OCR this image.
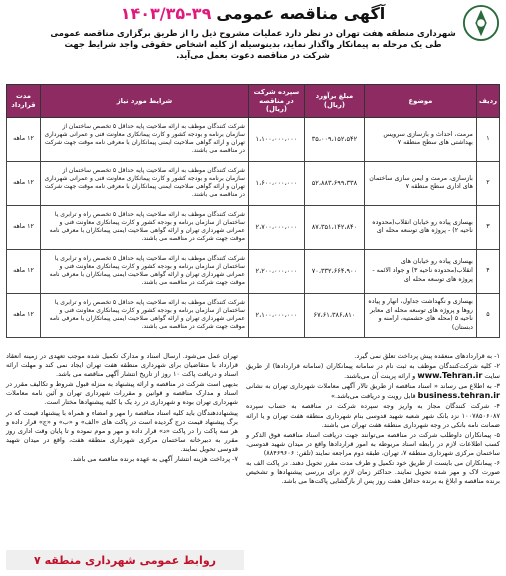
آگهی مناقصه عمومی ۱۴۰۳/۳۵-۳۹
شهرداری منطقه هفت تهران در نظر دارد عملیات مشروح ذیل را از طریق برگزاری مناقصه عمومی
طی یک مرحله به پیمانکار واگذار نماید، بدینوسیله از کلیه اشخاص حقوقی واجد شرایط جهت شرکت در مناقصه دعوت بعمل می‌آید.
ردیف	موضوع	مبلغ برآورد (ریال)	سپرده شرکت در مناقصه (ریال)	شرایط مورد نیاز	مدت قرارداد
۱	مرمت، احداث و بازسازی سرویس بهداشتی های سطح منطقه ۷	۳۵،۰۰۹،۱۵۲،۵۴۲	۱،۱۰۰،۰۰۰،۰۰۰	شرکت کنندگان موظف به ارائه صلاحیت پایه حداقل ۵ تخصص ساختمان از سازمان برنامه و بودجه کشور و کارت پیمانکاری معاونت فنی و عمرانی شهرداری تهران و ارائه گواهی صلاحیت ایمنی پیمانکاران با معرفی نامه موقت جهت شرکت در مناقصه می باشند.	۱۲ ماهه
۲	بازسازی، مرمت و ایمن سازی ساختمان های اداری سطح منطقه ۷	۵۲،۸۸۳،۶۹۹،۳۳۸	۱،۶۰۰،۰۰۰،۰۰۰	شرکت کنندگان موظف به ارائه صلاحیت پایه حداقل ۵ تخصص ساختمان از سازمان برنامه و بودجه کشور و کارت پیمانکاری معاونت فنی و عمرانی شهرداری تهران و ارائه گواهی صلاحیت ایمنی پیمانکاران با معرفی نامه موقت جهت شرکت در مناقصه می باشند.	۱۲ ماهه
۳	بهسازی پیاده رو خیابان انقلاب(محدوده ناحیه ۲) - پروژه های توسعه محله ای	۸۷،۳۵۱،۱۴۲،۸۴۰	۲،۷۰۰،۰۰۰،۰۰۰	شرکت کنندگان موظف به ارائه صلاحیت پایه حداقل ۵ تخصص راه و ترابری یا ساختمان از سازمان برنامه و بودجه کشور و کارت پیمانکاری معاونت فنی و عمرانی شهرداری تهران و ارائه گواهی صلاحیت ایمنی پیمانکاران با معرفی نامه موقت جهت شرکت در مناقصه می باشند.	۱۲ ماهه
۴	بهسازی پیاده رو خیابان های انقلاب(محدوده ناحیه ۳) و جواد الائمه - پروژه های توسعه محله ای	۷۰،۳۳۲،۶۶۴،۹۰۰	۲،۲۰۰،۰۰۰،۰۰۰	شرکت کنندگان موظف به ارائه صلاحیت پایه حداقل ۵ تخصص راه و ترابری یا ساختمان از سازمان برنامه و بودجه کشور و کارت پیمانکاری معاونت فنی و عمرانی شهرداری تهران و ارائه گواهی صلاحیت ایمنی پیمانکاران با معرفی نامه موقت جهت شرکت در مناقصه می باشند.	۱۲ ماهه
۵	بهسازی و نگهداشت جداول، انهار و پیاده روها و پروژه های توسعه محله ای معابر ناحیه ۵ (محله های حشمتیه، ارامنه و دبستان)	۶۷،۶۱،۳۸۶،۸۱۰	۲،۱۰۰،۰۰۰،۰۰۰	شرکت کنندگان موظف به ارائه صلاحیت پایه حداقل ۵ تخصص راه و ترابری یا ساختمان از سازمان برنامه و بودجه کشور و کارت پیمانکاری معاونت فنی و عمرانی شهرداری تهران و ارائه گواهی صلاحیت ایمنی پیمانکاران با معرفی نامه موقت جهت شرکت در مناقصه می باشند.	۱۲ ماهه

۱- به قراردادهای منعقده پیش پرداخت تعلق نمی گیرد.

۲- کلیه شرکت‌کنندگان موظف به ثبت نام در سامانه پیمانکاران (سامانه قراردادها) از طریق سایت www.Tehran.ir و ارائه پرینت آن می‌باشند.

۳- به اطلاع می رساند « اسناد مناقصه از طریق تالار آگهی معاملات شهرداری تهران به نشانی business.tehran.ir قابل رویت و دریافت می‌باشد.»

۴- شرکت کنندگان مجاز به واریز وجه سپرده شرکت در مناقصه به حساب سپرده ۱۰۰۷۸۵۰۶۰۸۷ نزد بانک شهر شعبه شهید قدوسی بنام شهرداری منطقه هفت تهران و یا ارائه ضمانت نامه بانکی در وجه شهرداری منطقه هفت تهران می باشند.

۵- پیمانکاران داوطلب شرکت در مناقصه می‌توانند جهت دریافت اسناد مناقصه فوق الذکر و کسب اطلاعات لازم در رابطه اسناد مربوطه به امور قراردادها واقع در میدان شهید قدوسی، ساختمان مرکزی شهرداری منطقه ۷، تهران، طبقه دوم مراجعه نمایند (تلفن: ۸۸۴۶۹۶۰۶)

۶- پیمانکاران می بایست از طریق خود تکمیل و ظرف مدت مقرر تحویل دهند. در پاکت الف به صورت لاک و مهر شده تحویل نمایند. حداکثر زمان لازم برای بررسی پیشنهادها و تشخیص برنده مناقصه و ابلاغ به برنده حداقل هفت روز پس از بازگشایی پاکت‌ها می باشد.

تهران عمل می‌شود. ارسال اسناد و مدارک تکمیل شده موجب تعهدی در زمینه انعقاد قرارداد با متقاضیان برای شهرداری منطقه هفت تهران ایجاد نمی کند و مهلت ارائه اسناد و دریافت پاکت ۱۰ روز از تاریخ انتشار آگهی مناقصه می باشد.

بدیهی است شرکت در مناقصه و ارائه پیشنهاد به منزله قبول شروط و تکالیف مقرر در اسناد و مدارک مناقصه و قوانین و مقررات شهرداری تهران و آئین نامه معاملات شهرداری تهران بوده و شهرداری در رد یک یا کلیه پیشنهادها مختار است.

پیشنهاددهندگان باید کلیه اسناد مناقصه را مهر و امضاء و همراه با پیشنهاد قیمت که در برگ پیشنهاد قیمت درج گردیده است در پاکت های «الف» و «ب» و «ج» قرار داده و هر سه پاکت را در پاکت «د» قرار داده و مهر و موم نموده و تا پایان وقت اداری روز مقرر به دبیرخانه ساختمان مرکزی شهرداری منطقه هفت، واقع در میدان شهید قدوسی تحویل نمایند.

۷- پرداخت هزینه انتشار آگهی به عهده برنده مناقصه می باشد.

روابط عمومی شهرداری منطقه ۷
